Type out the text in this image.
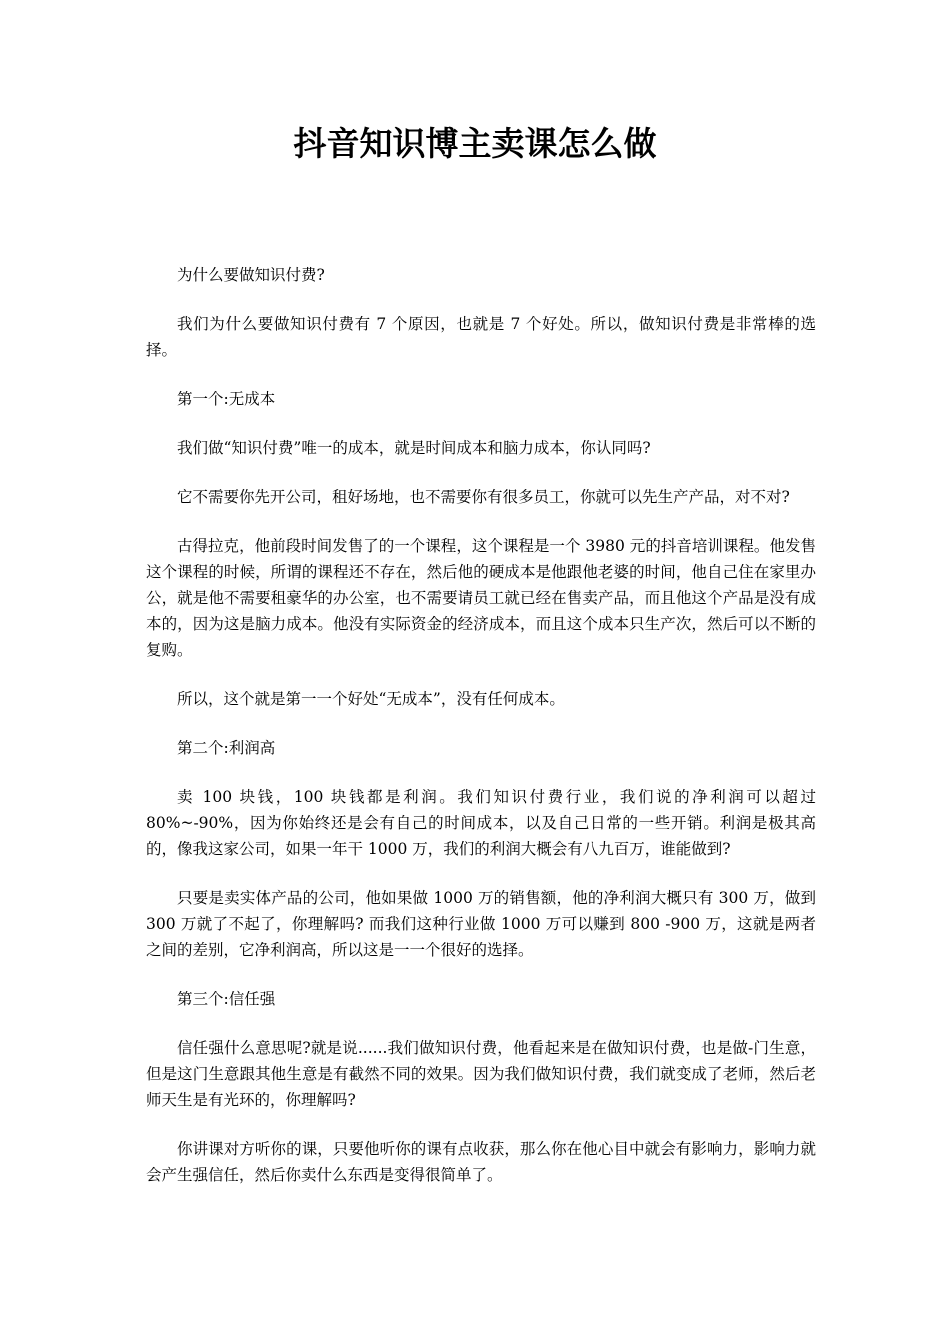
抖音知识博主卖课怎么做

为什么要做知识付费?

我们为什么要做知识付费有 7 个原因，也就是 7 个好处。所以，做知识付费是非常棒的选择。

第一个:无成本

我们做“知识付费”唯一的成本，就是时间成本和脑力成本，你认同吗?

它不需要你先开公司，租好场地，也不需要你有很多员工，你就可以先生产产品，对不对?

古得拉克，他前段时间发售了的一个课程，这个课程是一个 3980 元的抖音培训课程。他发售这个课程的时候，所谓的课程还不存在，然后他的硬成本是他跟他老婆的时间，他自己住在家里办公，就是他不需要租豪华的办公室，也不需要请员工就已经在售卖产品，而且他这个产品是没有成本的，因为这是脑力成本。他没有实际资金的经济成本，而且这个成本只生产次，然后可以不断的复购。

所以，这个就是第一一个好处“无成本”，没有任何成本。

第二个:利润高

卖 100 块钱，100 块钱都是利润。我们知识付费行业，我们说的净利润可以超过 80%~-90%，因为你始终还是会有自己的时间成本，以及自己日常的一些开销。利润是极其高的，像我这家公司，如果一年干 1000 万，我们的利润大概会有八九百万，谁能做到?

只要是卖实体产品的公司，他如果做 1000 万的销售额，他的净利润大概只有 300 万，做到 300 万就了不起了，你理解吗? 而我们这种行业做 1000 万可以赚到 800 -900 万，这就是两者之间的差别，它净利润高，所以这是一一个很好的选择。

第三个:信任强

信任强什么意思呢?就是说......我们做知识付费，他看起来是在做知识付费，也是做-门生意，但是这门生意跟其他生意是有截然不同的效果。因为我们做知识付费，我们就变成了老师，然后老师天生是有光环的，你理解吗?

你讲课对方听你的课，只要他听你的课有点收获，那么你在他心目中就会有影响力，影响力就会产生强信任，然后你卖什么东西是变得很简单了。
